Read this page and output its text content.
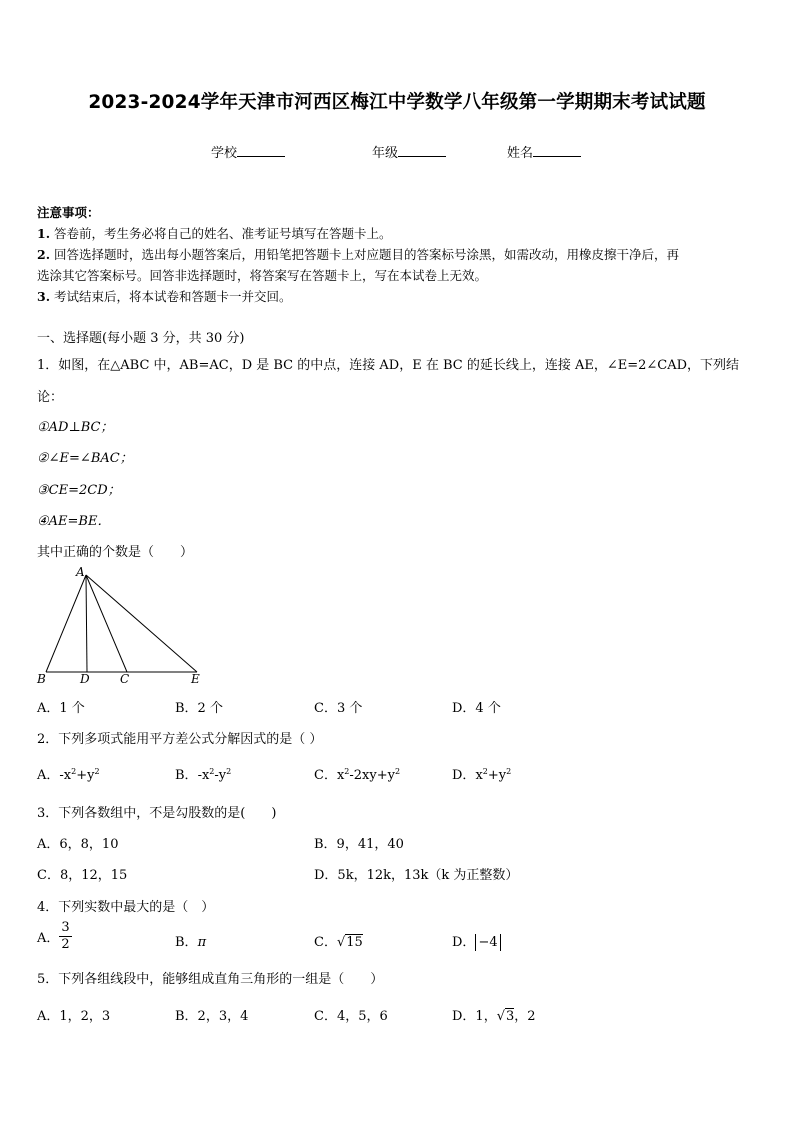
2023-2024学年天津市河西区梅江中学数学八年级第一学期期末考试试题
学校	年级	姓名
注意事项：
1. 答卷前，考生务必将自己的姓名、准考证号填写在答题卡上。
2. 回答选择题时，选出每小题答案后，用铅笔把答题卡上对应题目的答案标号涂黑，如需改动，用橡皮擦干净后，再
选涂其它答案标号。回答非选择题时，将答案写在答题卡上，写在本试卷上无效。
3. 考试结束后，将本试卷和答题卡一并交回。
一、选择题(每小题 3 分，共 30 分)
1．如图，在△ABC 中，AB=AC，D 是 BC 的中点，连接 AD，E 在 BC 的延长线上，连接 AE，∠E=2∠CAD，下列结
论：
①AD⊥BC；
②∠E=∠BAC；
③CE=2CD；
④AE=BE．
其中正确的个数是（　　）
A
B	D	C	E
A．1 个	B．2 个	C．3 个	D．4 个
2．下列多项式能用平方差公式分解因式的是（ ）
A．$-x^2+y^2$	B．$-x^2-y^2$	C．$x^2-2xy+y^2$	D．$x^2+y^2$
3．下列各数组中，不是勾股数的是(　　)
A．6，8，10	B．9，41，40
C．8，12，15	D．5k，12k，13k（k 为正整数）
4．下列实数中最大的是（　）
A． $\frac{3}{2}$	B．π	C．√15	D． −4
5．下列各组线段中，能够组成直角三角形的一组是（　　）
A．1，2，3	B．2，3，4	C．4，5，6	D．1，√3，2
